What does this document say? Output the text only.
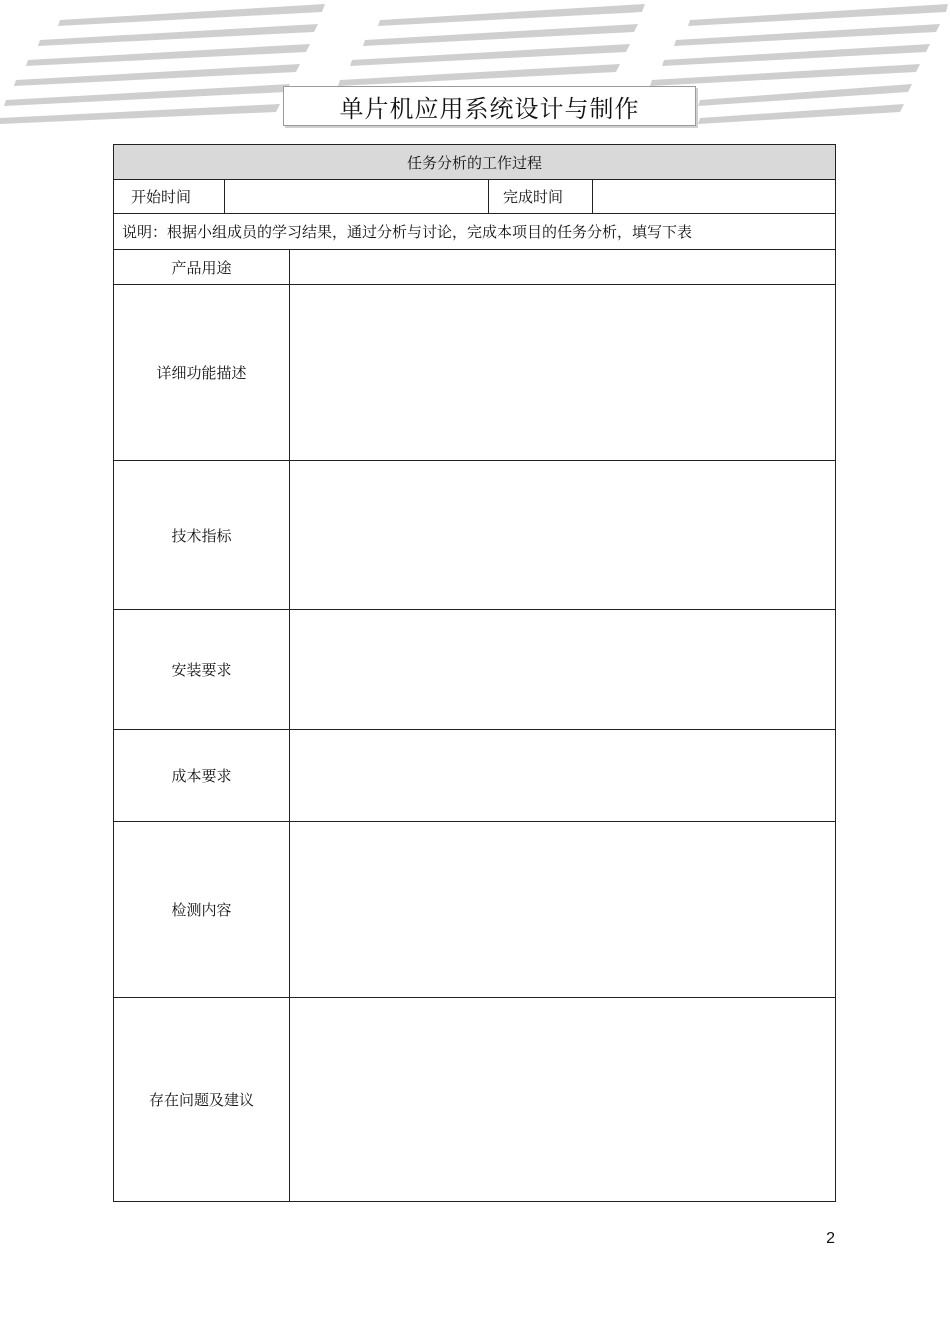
单片机应用系统设计与制作
任务分析的工作过程				
开始时间			完成时间	
说明：根据小组成员的学习结果，通过分析与讨论，完成本项目的任务分析，填写下表				
产品用途				
详细功能描述				
技术指标				
安装要求				
成本要求				
检测内容				
存在问题及建议				
2
